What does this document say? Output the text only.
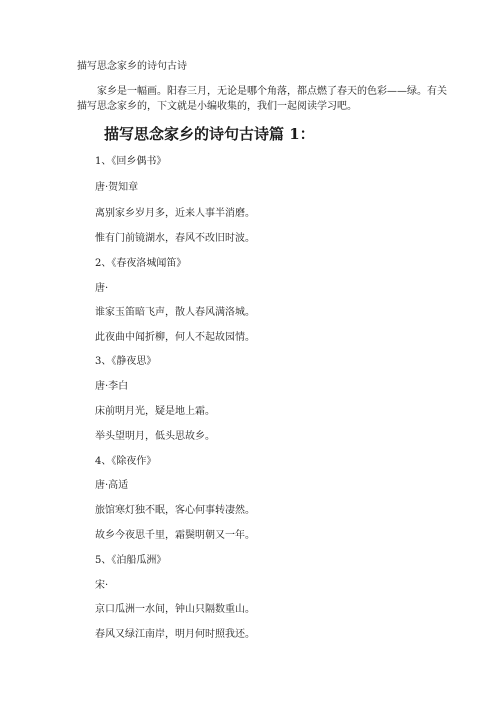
描写思念家乡的诗句古诗
家乡是一幅画。阳春三月，无论是哪个角落，都点燃了春天的色彩——绿。有关描写思念家乡的，下文就是小编收集的，我们一起阅读学习吧。
描写思念家乡的诗句古诗篇 1：
1、《回乡偶书》
唐·贺知章
离别家乡岁月多，近来人事半消磨。
惟有门前镜湖水，春风不改旧时波。
2、《春夜洛城闻笛》
唐·
谁家玉笛暗飞声，散人春风满洛城。
此夜曲中闻折柳，何人不起故园情。
3、《静夜思》
唐·李白
床前明月光，疑是地上霜。
举头望明月，低头思故乡。
4、《除夜作》
唐·高适
旅馆寒灯独不眠，客心何事转凄然。
故乡今夜思千里，霜鬓明朝又一年。
5、《泊船瓜洲》
宋·
京口瓜洲一水间，钟山只隔数重山。
春风又绿江南岸，明月何时照我还。
